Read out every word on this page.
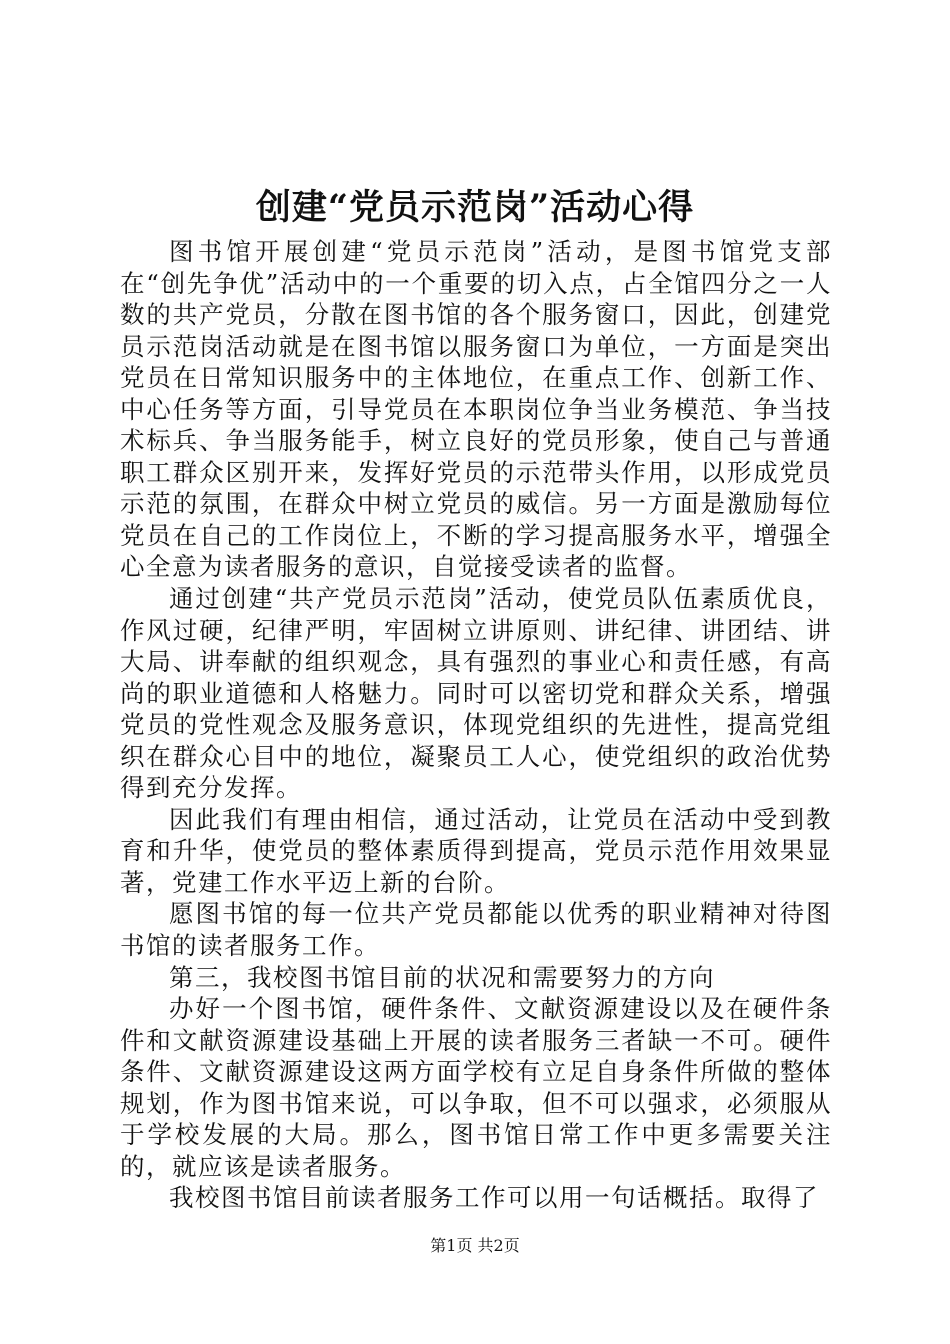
创建“党员示范岗”活动心得

图书馆开展创建“党员示范岗”活动，是图书馆党支部在“创先争优”活动中的一个重要的切入点，占全馆四分之一人数的共产党员，分散在图书馆的各个服务窗口，因此，创建党员示范岗活动就是在图书馆以服务窗口为单位，一方面是突出党员在日常知识服务中的主体地位，在重点工作、创新工作、中心任务等方面，引导党员在本职岗位争当业务模范、争当技术标兵、争当服务能手，树立良好的党员形象，使自己与普通职工群众区别开来，发挥好党员的示范带头作用，以形成党员示范的氛围，在群众中树立党员的威信。另一方面是激励每位党员在自己的工作岗位上，不断的学习提高服务水平，增强全心全意为读者服务的意识，自觉接受读者的监督。

通过创建“共产党员示范岗”活动，使党员队伍素质优良，作风过硬，纪律严明，牢固树立讲原则、讲纪律、讲团结、讲大局、讲奉献的组织观念，具有强烈的事业心和责任感，有高尚的职业道德和人格魅力。同时可以密切党和群众关系，增强党员的党性观念及服务意识，体现党组织的先进性，提高党组织在群众心目中的地位，凝聚员工人心，使党组织的政治优势得到充分发挥。

因此我们有理由相信，通过活动，让党员在活动中受到教育和升华，使党员的整体素质得到提高，党员示范作用效果显著，党建工作水平迈上新的台阶。

愿图书馆的每一位共产党员都能以优秀的职业精神对待图书馆的读者服务工作。

第三，我校图书馆目前的状况和需要努力的方向

办好一个图书馆，硬件条件、文献资源建设以及在硬件条件和文献资源建设基础上开展的读者服务三者缺一不可。硬件条件、文献资源建设这两方面学校有立足自身条件所做的整体规划，作为图书馆来说，可以争取，但不可以强求，必须服从于学校发展的大局。那么，图书馆日常工作中更多需要关注的，就应该是读者服务。

我校图书馆目前读者服务工作可以用一句话概括。取得了

第1页 共2页
